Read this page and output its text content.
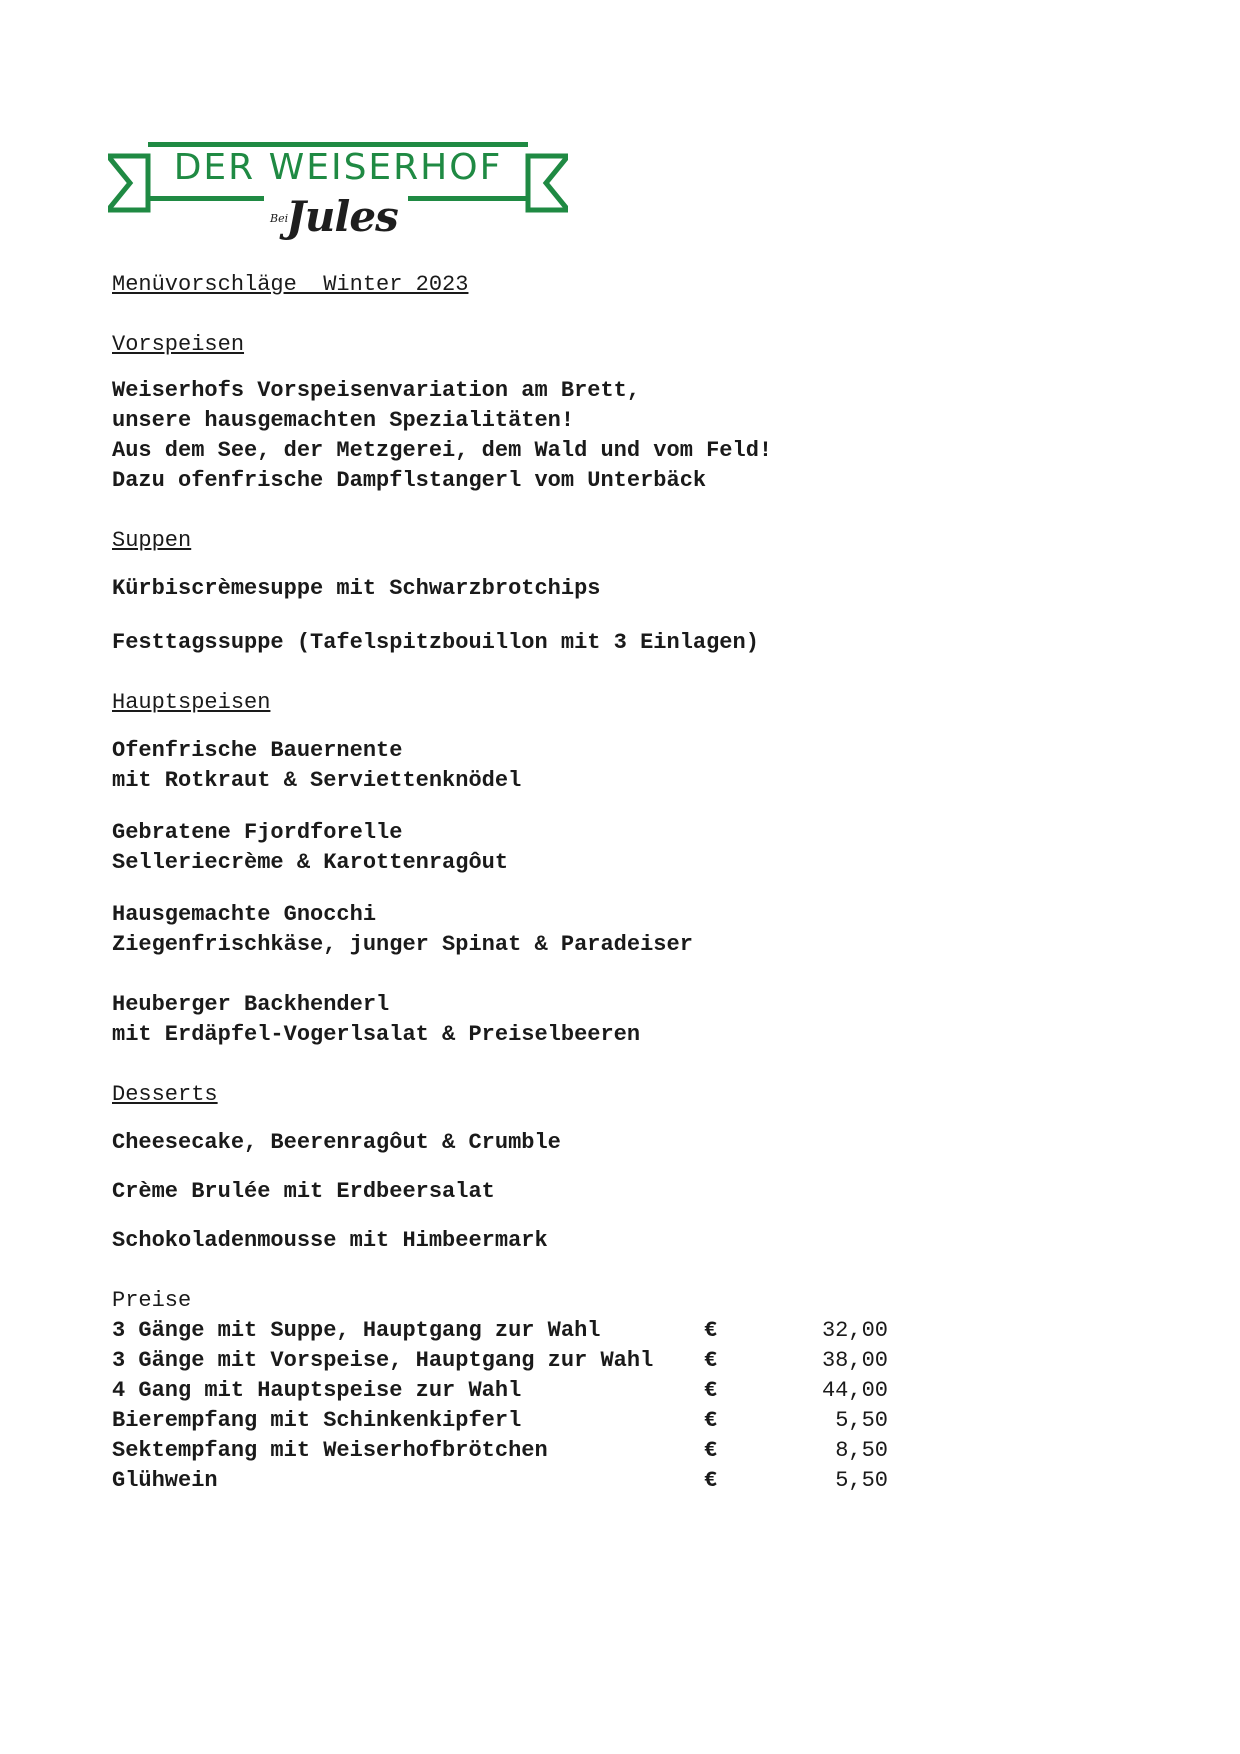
DER WEISERHOF
Bei
Jules
Menüvorschläge  Winter 2023
Vorspeisen
Weiserhofs Vorspeisenvariation am Brett,
unsere hausgemachten Spezialitäten!
Aus dem See, der Metzgerei, dem Wald und vom Feld!
Dazu ofenfrische Dampflstangerl vom Unterbäck
Suppen
Kürbiscrèmesuppe mit Schwarzbrotchips
Festtagssuppe (Tafelspitzbouillon mit 3 Einlagen)
Hauptspeisen
Ofenfrische Bauernente
mit Rotkraut & Serviettenknödel
Gebratene Fjordforelle
Selleriecrème & Karottenragôut
Hausgemachte Gnocchi
Ziegenfrischkäse, junger Spinat & Paradeiser
Heuberger Backhenderl
mit Erdäpfel-Vogerlsalat & Preiselbeeren
Desserts
Cheesecake, Beerenragôut & Crumble
Crème Brulée mit Erdbeersalat
Schokoladenmousse mit Himbeermark
Preise
3 Gänge mit Suppe, Hauptgang zur Wahl	€	32,00
3 Gänge mit Vorspeise, Hauptgang zur Wahl	€	38,00
4 Gang mit Hauptspeise zur Wahl	€	44,00
Bierempfang mit Schinkenkipferl	€	5,50
Sektempfang mit Weiserhofbrötchen	€	8,50
Glühwein	€	5,50
